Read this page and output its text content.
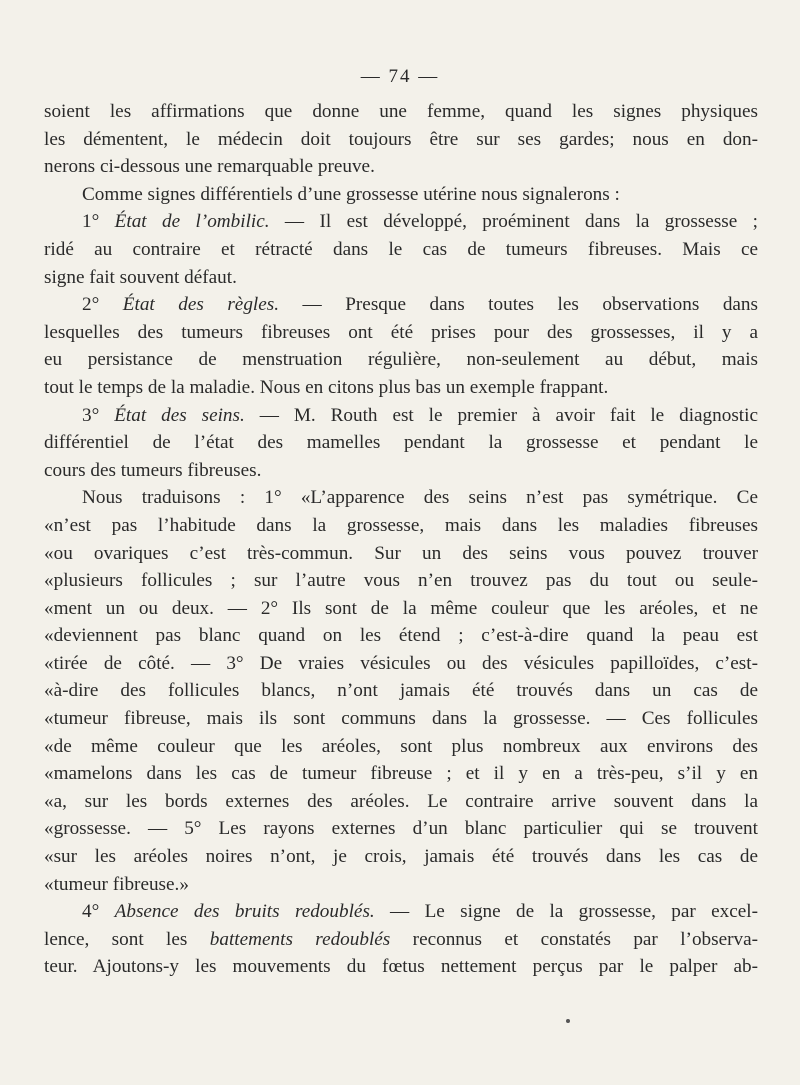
— 74 —
soient les affirmations que donne une femme, quand les signes physiques
les démentent, le médecin doit toujours être sur ses gardes; nous en don-
nerons ci-dessous une remarquable preuve.
Comme signes différentiels d’une grossesse utérine nous signalerons :
1° État de l’ombilic. — Il est développé, proéminent dans la grossesse ;
ridé au contraire et rétracté dans le cas de tumeurs fibreuses. Mais ce
signe fait souvent défaut.
2° État des règles. — Presque dans toutes les observations dans
lesquelles des tumeurs fibreuses ont été prises pour des grossesses, il y a
eu persistance de menstruation régulière, non-seulement au début, mais
tout le temps de la maladie. Nous en citons plus bas un exemple frappant.
3° État des seins. — M. Routh est le premier à avoir fait le diagnostic
différentiel de l’état des mamelles pendant la grossesse et pendant le
cours des tumeurs fibreuses.
Nous traduisons : 1° «L’apparence des seins n’est pas symétrique. Ce
«n’est pas l’habitude dans la grossesse, mais dans les maladies fibreuses
«ou ovariques c’est très-commun. Sur un des seins vous pouvez trouver
«plusieurs follicules ; sur l’autre vous n’en trouvez pas du tout ou seule-
«ment un ou deux. — 2° Ils sont de la même couleur que les aréoles, et ne
«deviennent pas blanc quand on les étend ; c’est-à-dire quand la peau est
«tirée de côté. — 3° De vraies vésicules ou des vésicules papilloïdes, c’est-
«à-dire des follicules blancs, n’ont jamais été trouvés dans un cas de
«tumeur fibreuse, mais ils sont communs dans la grossesse. — Ces follicules
«de même couleur que les aréoles, sont plus nombreux aux environs des
«mamelons dans les cas de tumeur fibreuse ; et il y en a très-peu, s’il y en
«a, sur les bords externes des aréoles. Le contraire arrive souvent dans la
«grossesse. — 5° Les rayons externes d’un blanc particulier qui se trouvent
«sur les aréoles noires n’ont, je crois, jamais été trouvés dans les cas de
«tumeur fibreuse.»
4° Absence des bruits redoublés. — Le signe de la grossesse, par excel-
lence, sont les battements redoublés reconnus et constatés par l’observa-
teur. Ajoutons-y les mouvements du fœtus nettement perçus par le palper ab-
